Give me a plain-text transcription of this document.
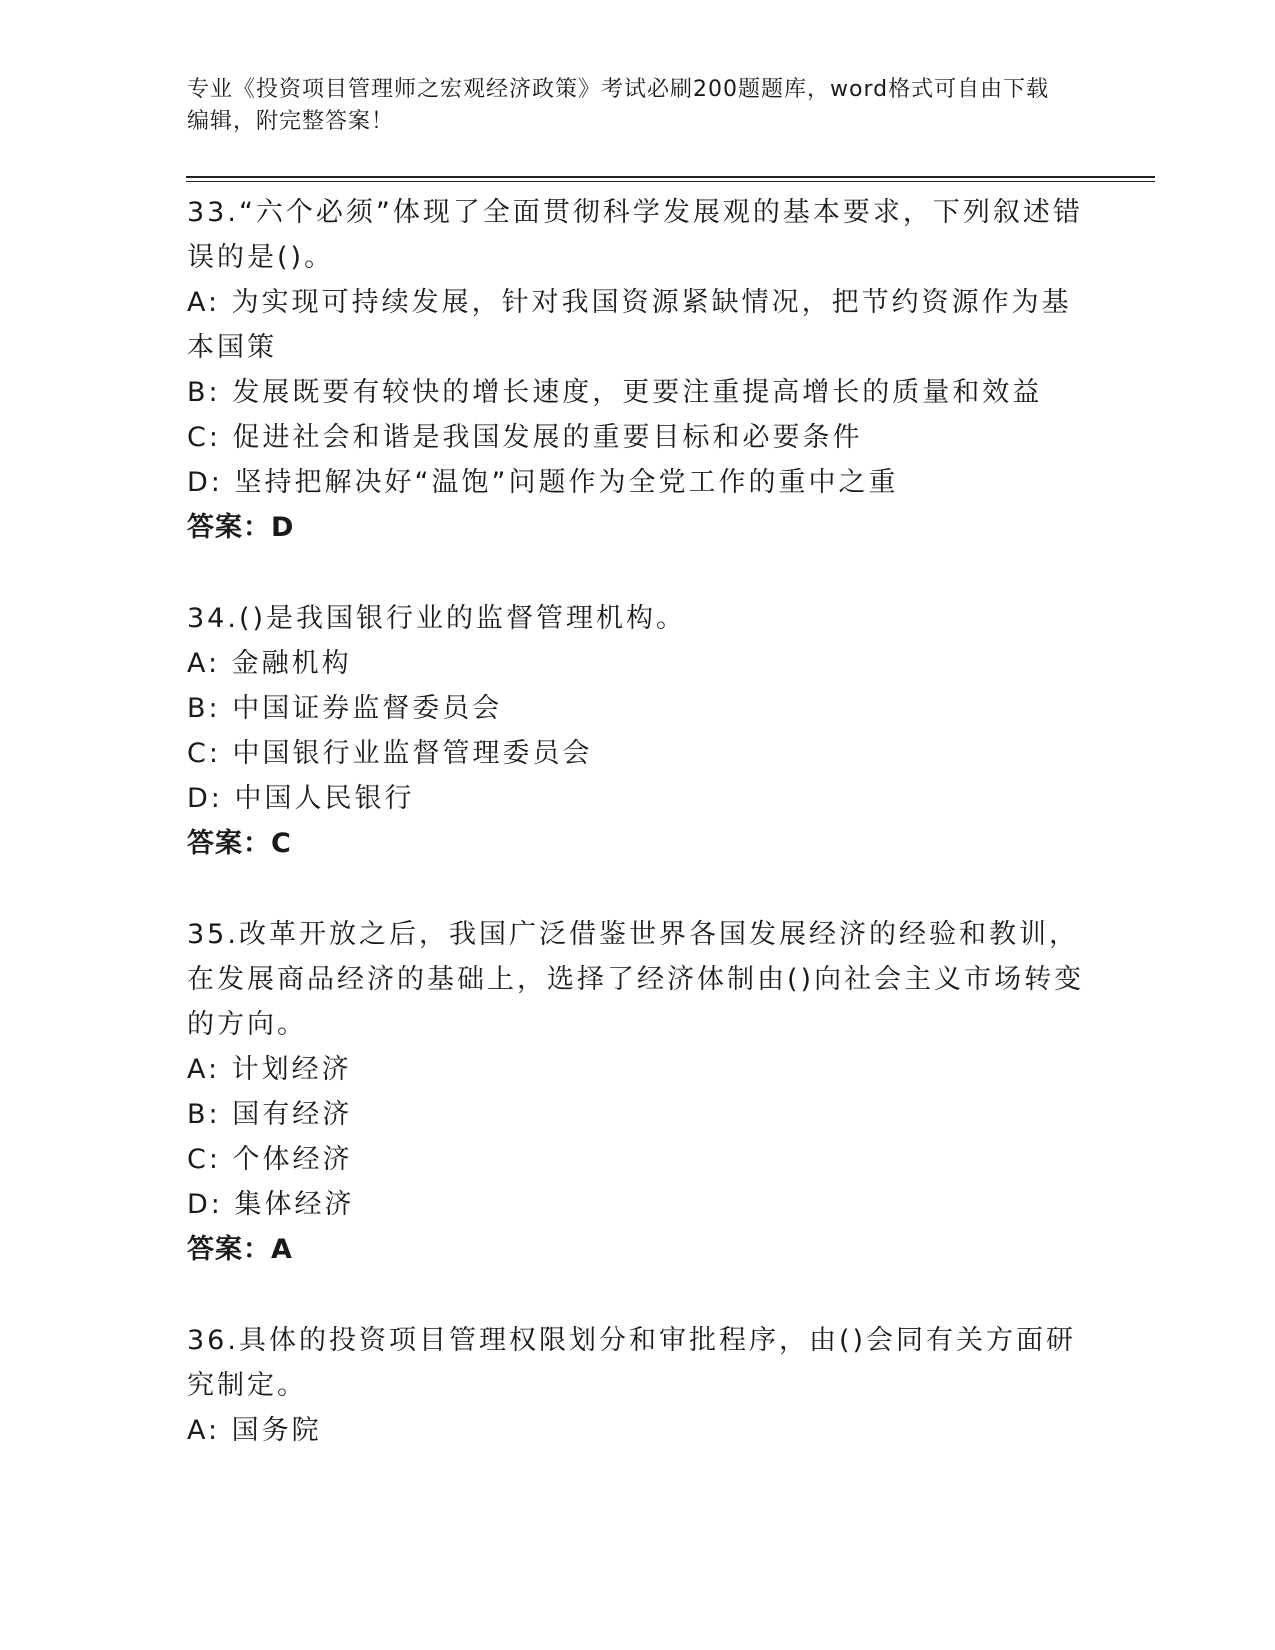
专业《投资项目管理师之宏观经济政策》考试必刷200题题库，word格式可自由下载编辑，附完整答案！

33.“六个必须”体现了全面贯彻科学发展观的基本要求，下列叙述错误的是()。

A: 为实现可持续发展，针对我国资源紧缺情况，把节约资源作为基本国策

B: 发展既要有较快的增长速度，更要注重提高增长的质量和效益

C: 促进社会和谐是我国发展的重要目标和必要条件

D: 坚持把解决好“温饱”问题作为全党工作的重中之重

答案：D

34.()是我国银行业的监督管理机构。

A: 金融机构

B: 中国证券监督委员会

C: 中国银行业监督管理委员会

D: 中国人民银行

答案：C

35.改革开放之后，我国广泛借鉴世界各国发展经济的经验和教训，在发展商品经济的基础上，选择了经济体制由()向社会主义市场转变的方向。

A: 计划经济

B: 国有经济

C: 个体经济

D: 集体经济

答案：A

36.具体的投资项目管理权限划分和审批程序，由()会同有关方面研究制定。

A: 国务院
